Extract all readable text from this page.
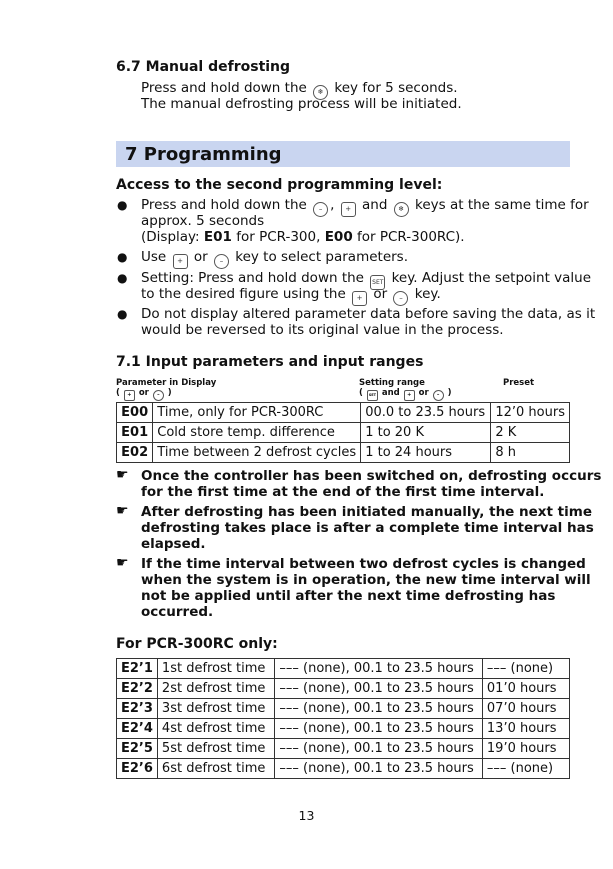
6.7 Manual defrosting
Press and hold down the ❄ key for 5 seconds.
The manual defrosting process will be initiated.
7 Programming
Access to the second programming level:
● Press and hold down the – , + and ❄ keys at the same time for
approx. 5 seconds
(Display: E01 for PCR-300, E00 for PCR-300RC).
● Use + or – key to select parameters.
● Setting: Press and hold down the SET key. Adjust the setpoint value
to the desired figure using the + or – key.
● Do not display altered parameter data before saving the data, as it
would be reversed to its original value in the process.
7.1 Input parameters and input ranges
Parameter in Display
( + or – )
Setting range
( SET and + or – )
Preset
E00	Time, only for PCR-300RC	00.0 to 23.5 hours	12’0 hours
E01	Cold store temp. difference	1 to 20 K	2 K
E02	Time between 2 defrost cycles	1 to 24 hours	8 h
☛ Once the controller has been switched on, defrosting occurs
for the first time at the end of the first time interval.
☛ After defrosting has been initiated manually, the next time
defrosting takes place is after a complete time interval has
elapsed.
☛ If the time interval between two defrost cycles is changed
when the system is in operation, the new time interval will
not be applied until after the next time defrosting has
occurred.
For PCR-300RC only:
E2’1	1st defrost time	––– (none), 00.1 to 23.5 hours	––– (none)
E2’2	2st defrost time	––– (none), 00.1 to 23.5 hours	01’0 hours
E2’3	3st defrost time	––– (none), 00.1 to 23.5 hours	07’0 hours
E2’4	4st defrost time	––– (none), 00.1 to 23.5 hours	13’0 hours
E2’5	5st defrost time	––– (none), 00.1 to 23.5 hours	19’0 hours
E2’6	6st defrost time	––– (none), 00.1 to 23.5 hours	––– (none)
13
